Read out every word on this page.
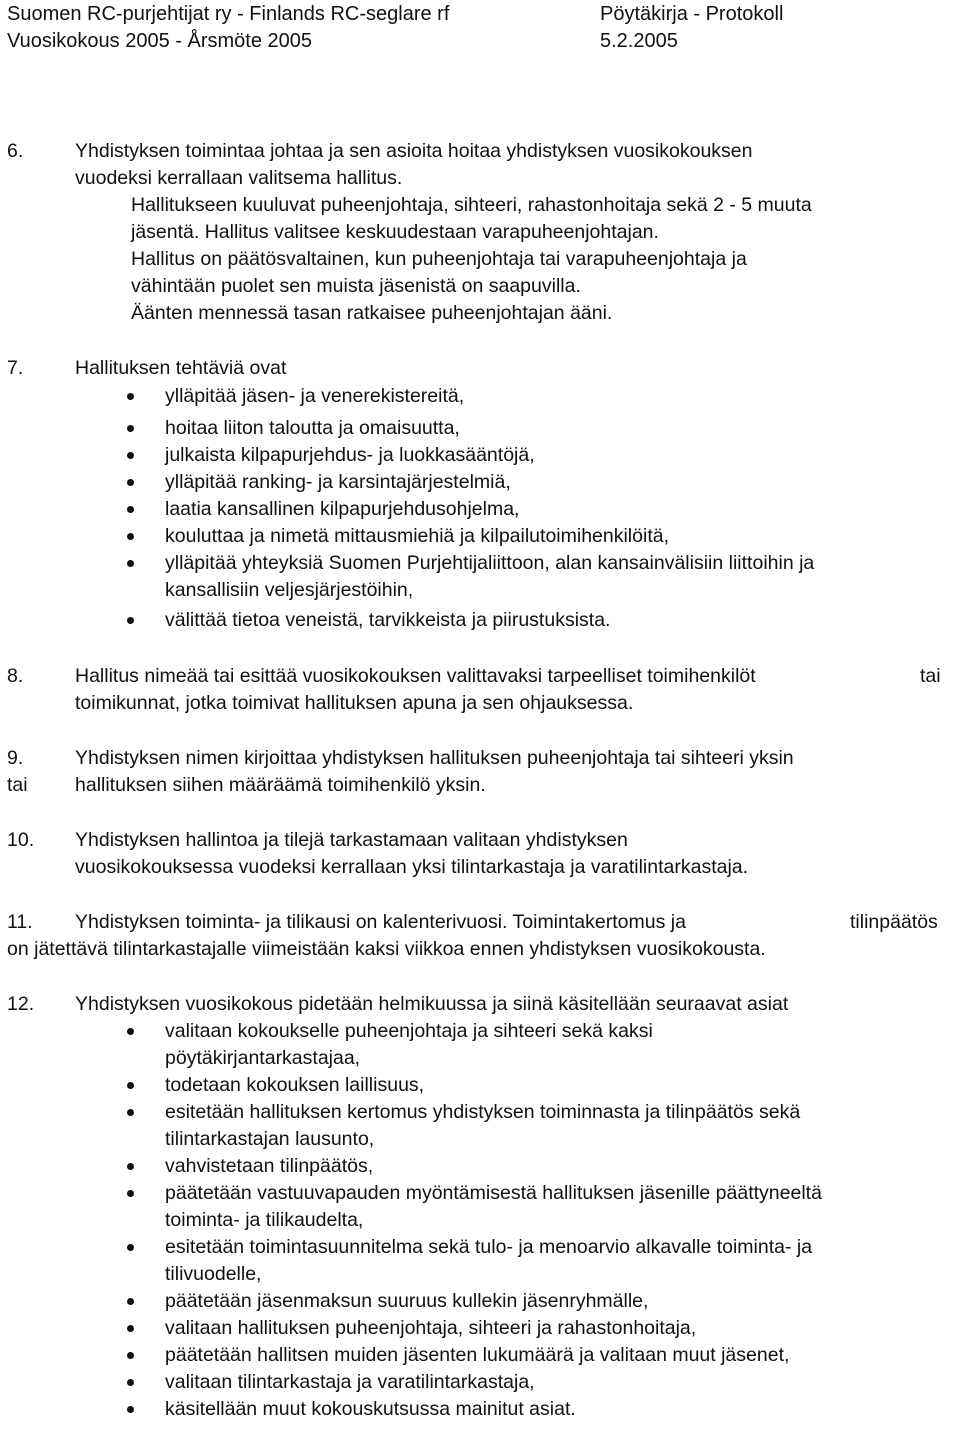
Suomen RC-purjehtijat ry - Finlands RC-seglare rf	Pöytäkirja - Protokoll
Vuosikokous 2005 - Årsmöte 2005	5.2.2005
6.	Yhdistyksen toimintaa johtaa ja sen asioita hoitaa yhdistyksen vuosikokouksen
vuodeksi kerrallaan valitsema hallitus.
Hallitukseen kuuluvat puheenjohtaja, sihteeri, rahastonhoitaja sekä 2 - 5 muuta
jäsentä. Hallitus valitsee keskuudestaan varapuheenjohtajan.
Hallitus on päätösvaltainen, kun puheenjohtaja tai varapuheenjohtaja ja
vähintään puolet sen muista jäsenistä on saapuvilla.
Äänten mennessä tasan ratkaisee puheenjohtajan ääni.
7.	Hallituksen tehtäviä ovat
ylläpitää jäsen- ja venerekistereitä,
hoitaa liiton taloutta ja omaisuutta,
julkaista kilpapurjehdus- ja luokkasääntöjä,
ylläpitää ranking- ja karsintajärjestelmiä,
laatia kansallinen kilpapurjehdusohjelma,
kouluttaa ja nimetä mittausmiehiä ja kilpailutoimihenkilöitä,
ylläpitää yhteyksiä Suomen Purjehtijaliittoon, alan kansainvälisiin liittoihin ja
kansallisiin veljesjärjestöihin,
välittää tietoa veneistä, tarvikkeista ja piirustuksista.
8.	Hallitus nimeää tai esittää vuosikokouksen valittavaksi tarpeelliset toimihenkilöt	tai
toimikunnat, jotka toimivat hallituksen apuna ja sen ohjauksessa.
9.	Yhdistyksen nimen kirjoittaa yhdistyksen hallituksen puheenjohtaja tai sihteeri yksin
tai hallituksen siihen määräämä toimihenkilö yksin.
10. Yhdistyksen hallintoa ja tilejä tarkastamaan valitaan yhdistyksen
vuosikokouksessa vuodeksi kerrallaan yksi tilintarkastaja ja varatilintarkastaja.
11. Yhdistyksen toiminta- ja tilikausi on kalenterivuosi. Toimintakertomus ja	tilinpäätös
on jätettävä tilintarkastajalle viimeistään kaksi viikkoa ennen yhdistyksen vuosikokousta.
12. Yhdistyksen vuosikokous pidetään helmikuussa ja siinä käsitellään seuraavat asiat
valitaan kokoukselle puheenjohtaja ja sihteeri sekä kaksi
pöytäkirjantarkastajaa,
todetaan kokouksen laillisuus,
esitetään hallituksen kertomus yhdistyksen toiminnasta ja tilinpäätös sekä
tilintarkastajan lausunto,
vahvistetaan tilinpäätös,
päätetään vastuuvapauden myöntämisestä hallituksen jäsenille päättyneeltä
toiminta- ja tilikaudelta,
esitetään toimintasuunnitelma sekä tulo- ja menoarvio alkavalle toiminta- ja
tilivuodelle,
päätetään jäsenmaksun suuruus kullekin jäsenryhmälle,
valitaan hallituksen puheenjohtaja, sihteeri ja rahastonhoitaja,
päätetään hallitsen muiden jäsenten lukumäärä ja valitaan muut jäsenet,
valitaan tilintarkastaja ja varatilintarkastaja,
käsitellään muut kokouskutsussa mainitut asiat.
